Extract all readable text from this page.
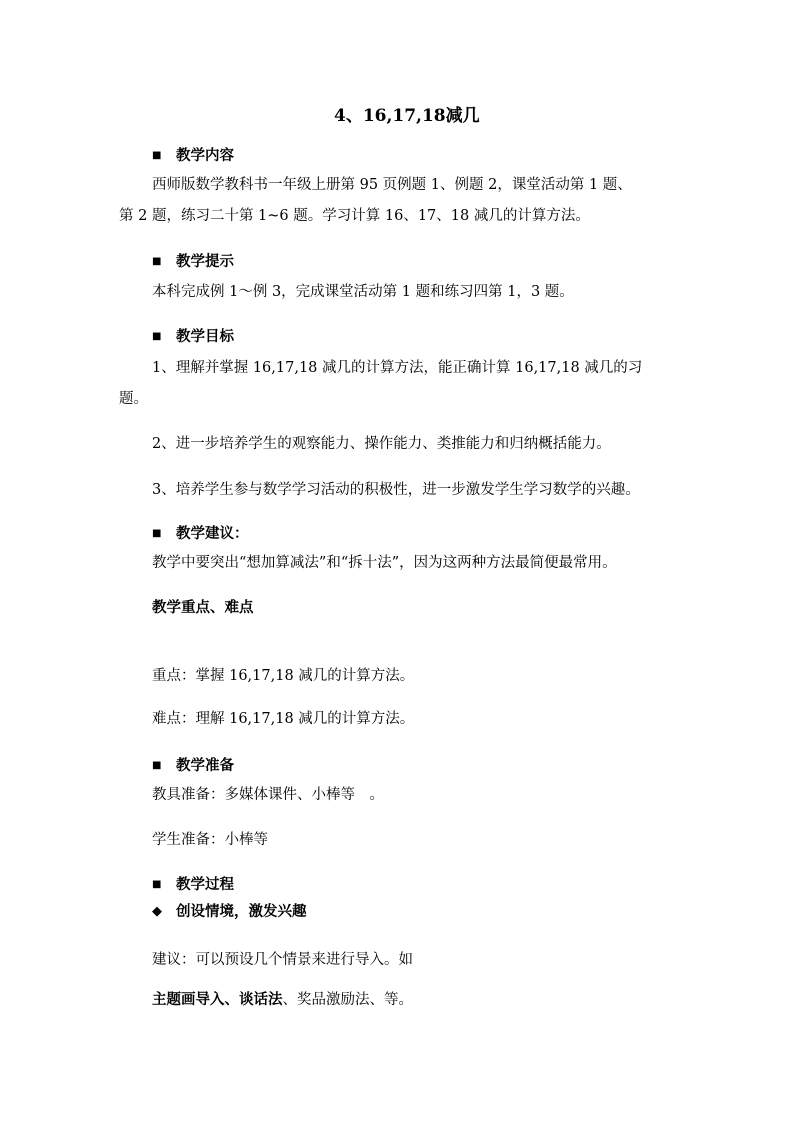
4、16,17,18减几
■ 教学内容
西师版数学教科书一年级上册第 95 页例题 1、例题 2，课堂活动第 1 题、
第 2 题，练习二十第 1~6 题。学习计算 16、17、18 减几的计算方法。
■ 教学提示
本科完成例 1～例 3，完成课堂活动第 1 题和练习四第 1，3 题。
■ 教学目标
1、理解并掌握 16,17,18 减几的计算方法，能正确计算 16,17,18 减几的习
题。
2、进一步培养学生的观察能力、操作能力、类推能力和归纳概括能力。
3、培养学生参与数学学习活动的积极性，进一步激发学生学习数学的兴趣。
■ 教学建议：
教学中要突出“想加算减法”和“拆十法”，因为这两种方法最简便最常用。
教学重点、难点
重点：掌握 16,17,18 减几的计算方法。
难点：理解 16,17,18 减几的计算方法。
■ 教学准备
教具准备：多媒体课件、小棒等　。
学生准备：小棒等
■ 教学过程
◆ 创设情境，激发兴趣
建议：可以预设几个情景来进行导入。如
主题画导入、谈话法、奖品激励法、等。
